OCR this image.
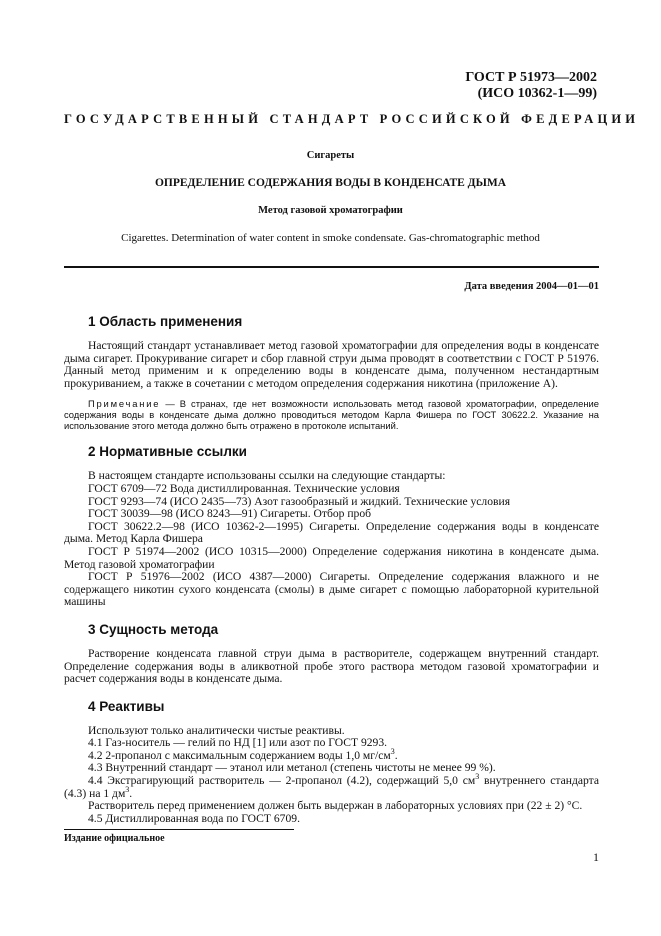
ГОСТ Р 51973—2002
(ИСО 10362-1—99)
ГОСУДАРСТВЕННЫЙ СТАНДАРТ РОССИЙСКОЙ ФЕДЕРАЦИИ
Сигареты
ОПРЕДЕЛЕНИЕ СОДЕРЖАНИЯ ВОДЫ В КОНДЕНСАТЕ ДЫМА
Метод газовой хроматографии
Cigarettes. Determination of water content in smoke condensate. Gas-chromatographic method
Дата введения 2004—01—01
1 Область применения

Настоящий стандарт устанавливает метод газовой хроматографии для определения воды в конденсате дыма сигарет. Прокуривание сигарет и сбор главной струи дыма проводят в соответствии с ГОСТ Р 51976. Данный метод применим и к определению воды в конденсате дыма, полученном нестандартным прокуриванием, а также в сочетании с методом определения содержания никотина (приложение А).

Примечание — В странах, где нет возможности использовать метод газовой хроматографии, определение содержания воды в конденсате дыма должно проводиться методом Карла Фишера по ГОСТ 30622.2. Указание на использование этого метода должно быть отражено в протоколе испытаний.

2 Нормативные ссылки

В настоящем стандарте использованы ссылки на следующие стандарты:

ГОСТ 6709—72 Вода дистиллированная. Технические условия

ГОСТ 9293—74 (ИСО 2435—73) Азот газообразный и жидкий. Технические условия

ГОСТ 30039—98 (ИСО 8243—91) Сигареты. Отбор проб

ГОСТ 30622.2—98 (ИСО 10362-2—1995) Сигареты. Определение содержания воды в конденсате дыма. Метод Карла Фишера

ГОСТ Р 51974—2002 (ИСО 10315—2000) Определение содержания никотина в конденсате дыма. Метод газовой хроматографии

ГОСТ Р 51976—2002 (ИСО 4387—2000) Сигареты. Определение содержания влажного и не содержащего никотин сухого конденсата (смолы) в дыме сигарет с помощью лабораторной курительной машины

3 Сущность метода

Растворение конденсата главной струи дыма в растворителе, содержащем внутренний стандарт. Определение содержания воды в аликвотной пробе этого раствора методом газовой хроматографии и расчет содержания воды в конденсате дыма.

4 Реактивы

Используют только аналитически чистые реактивы.

4.1 Газ-носитель — гелий по НД [1] или азот по ГОСТ 9293.

4.2 2-пропанол с максимальным содержанием воды 1,0 $мг/см^3$.

4.3 Внутренний стандарт — этанол или метанол (степень чистоты не менее 99 %).

4.4 Экстрагирующий растворитель — 2-пропанол (4.2), содержащий 5,0 $см^3$ внутреннего стандарта (4.3) на 1 $дм^3$.

Растворитель перед применением должен быть выдержан в лабораторных условиях при (22 ± 2) °С.

4.5 Дистиллированная вода по ГОСТ 6709.

Издание официальное
1
